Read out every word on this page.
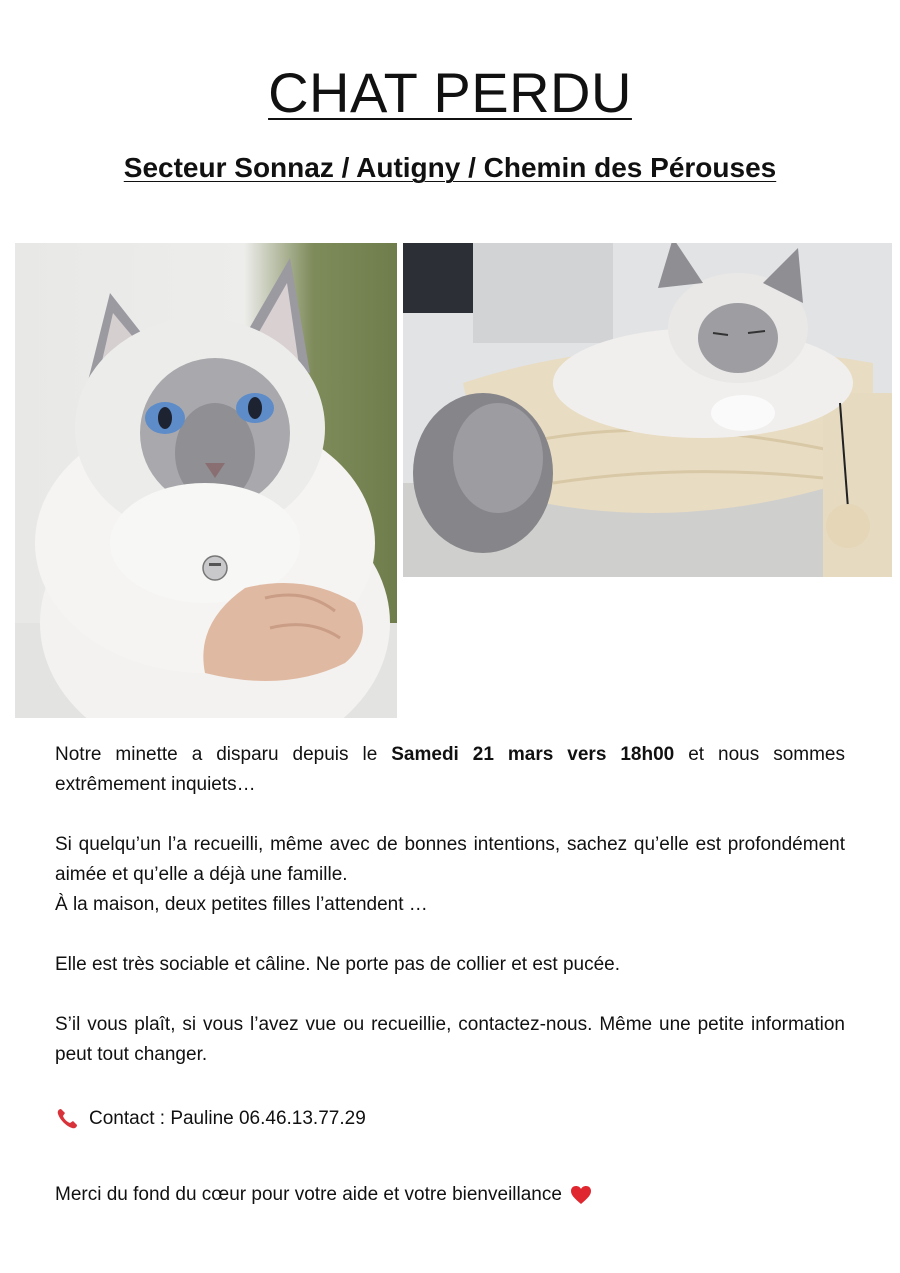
CHAT PERDU
Secteur Sonnaz / Autigny / Chemin des Pérouses

Notre minette a disparu depuis le Samedi 21 mars vers 18h00 et nous sommes extrêmement inquiets…

Si quelqu’un l’a recueilli, même avec de bonnes intentions, sachez qu’elle est profondément aimée et qu’elle a déjà une famille.

À la maison, deux petites filles l’attendent …

Elle est très sociable et câline. Ne porte pas de collier et est pucée.

S’il vous plaît, si vous l’avez vue ou recueillie, contactez-nous. Même une petite information peut tout changer.

Contact : Pauline 06.46.13.77.29

Merci du fond du cœur pour votre aide et votre bienveillance
